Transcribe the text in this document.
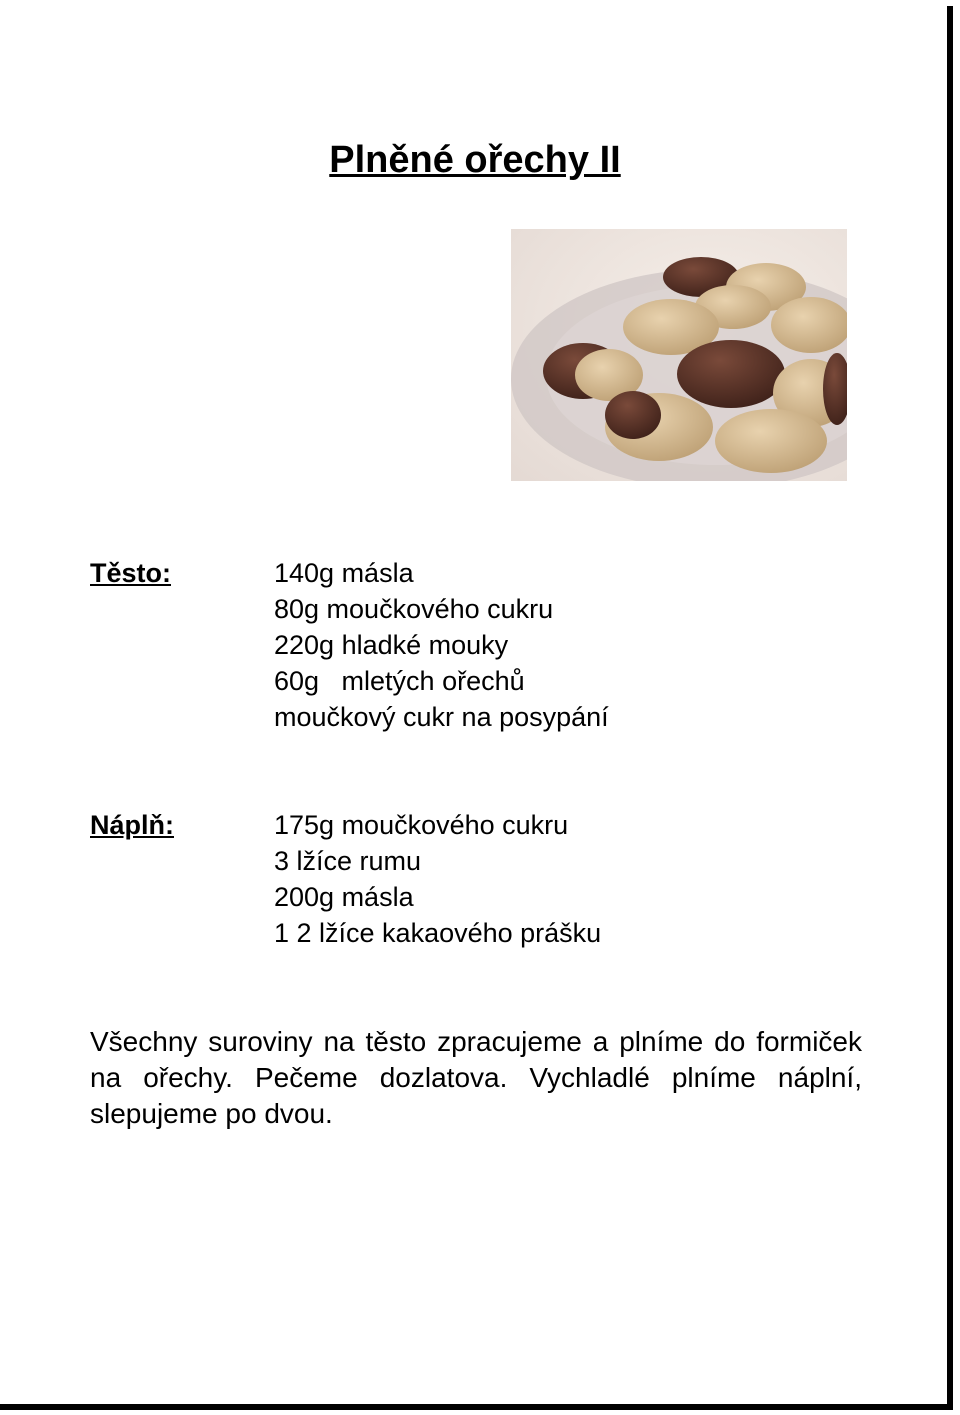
Plněné ořechy II
Těsto:	140g másla
80g moučkového cukru
220g hladké mouky
60g   mletých ořechů
moučkový cukr na posypání
Náplň:	175g moučkového cukru
3 lžíce rumu
200g másla
1 2 lžíce kakaového prášku

Všechny suroviny na těsto zpracujeme a plníme do formiček na ořechy. Pečeme dozlatova. Vychladlé plníme náplní, slepujeme po dvou.
